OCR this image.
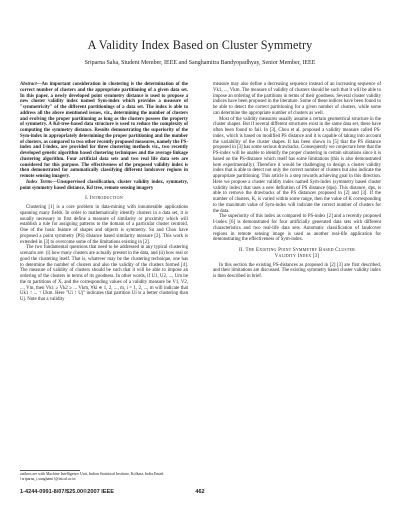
A Validity Index Based on Cluster Symmetry
Sriparna Saha, Student Member, IEEE and Sanghamitra Bandyopadhyay, Senior Member, IEEE

Abstract—An important consideration in clustering is the determination of the correct number of clusters and the appropriate partitioning of a given data set. In this paper, a newly developed point symmetry distance is used to propose a new cluster validity index named Sym-index which provides a measure of "symmetricity" of the different partitionings of a data set. The index is able to address all the above mentioned issues, viz., determining the number of clusters and evolving the proper partitioning as long as the clusters possess the property of symmetry. A Kd-tree-based data structure is used to reduce the complexity of computing the symmetry distance. Results demonstrating the superiority of the Sym-index in appropriately determining the proper partitioning and the number of clusters, as compared to two other recently proposed measures, namely the PS-index and I-index, are provided for three clustering methods viz., two recently developed genetic algorithm based clustering techniques and the average linkage clustering algorithm. Four artificial data sets and two real life data sets are considered for this purpose. The effectiveness of the proposed validity index is then demonstrated for automatically classifying different landcover regions in remote sensing imagery.

Index Terms—Unsupervised classification, cluster validity index, symmetry, point symmetry based distance, Kd tree, remote sensing imagery

I. Introduction

Clustering [1] is a core problem in data-mining with innumerable applications spanning many fields. In order to mathematically identify clusters in a data set, it is usually necessary to first define a measure of similarity or proximity which will establish a rule for assigning patterns to the domain of a particular cluster centroid. One of the basic feature of shapes and objects is symmetry. Su and Chou have proposed a point symmetry (PS) distance based similarity measure [2]. This work is extended in [3] to overcome some of the limitations existing in [2].

The two fundamental questions that need to be addressed in any typical clustering scenario are: (i) how many clusters are actually present in the data, and (ii) how real or good the clustering itself. That is, whatever may be the clustering technique, one has to determine the number of clusters and also the validity of the clusters formed [4]. The measure of validity of clusters should be such that it will be able to impose an ordering of the clusters in terms of its goodness. In other words, if U1, U2, ..., Um be the m partitions of X, and the corresponding values of a validity measure be V1, V2, ..., Vm, then Vk1 ≥ Vk2 ≥ ... Vkm, ∀ki ∈ 1, 2, ..., m, i = 1, 2, ..., m will indicate that Uk1 ↑ ... ↑ Ukm. Here "Ui ↑ Uj" indicates that partition Ui is a better clustering than Uj. Note that a validity

measure may also define a decreasing sequence instead of an increasing sequence of Vk1, ..., Vkm. The measure of validity of clusters should be such that it will be able to impose an ordering of the partitions in terms of their goodness. Several cluster validity indices have been proposed in the literature. Some of these indices have been found to be able to detect the correct partitioning for a given number of clusters, while some can determine the appropriate number of clusters as well.

Most of the validity measures usually assume a certain geometrical structure in the cluster shapes. But if several different structures exist in the same data set, these have often been found to fail. In [3], Chou et al. proposed a validity measure called PS-index, which is based on modified PS distance and it is capable of taking into account the variability of the cluster shapes. It has been shown in [5] that the PS distance proposed in [3] has some serious drawbacks. Consequently we conjecture here that the PS-index will be unable to identify the proper clustering in certain situations since it is based on the PS-distance which itself has some limitations (this is also demonstrated here experimentally). Therefore it would be challenging to design a cluster validity index that is able to detect not only the correct number of clusters but also indicate the appropriate partitioning. This article is a step towards achieving goal in this direction. Here we propose a cluster validity index named Sym-index (symmetry based cluster validity index) that uses a new definition of PS distance (dps). This distance, dps, is able to remove the drawbacks of the PS distances proposed in [2] and [3]. If the number of clusters, K, is varied within some range, then the value of K corresponding to the maximum value of Sym-index will indicate the correct number of clusters for the data.

The superiority of this index as compared to PS-index [2] and a recently proposed I-index [6] is demonstrated for four artificially generated data sets with different characteristics and two real-life data sets. Automatic classification of landcover regions in remote sensing image is used as another real-life application for demonstrating the effectiveness of Sym-index.

II. The Existing Point Symmetry Based Cluster
Validity Index [3]

In this section the existing PS-distances as proposed in [2] [3] are first described, and their limitations are discussed. The existing symmetry based cluster validity index is then described in brief.

authors are with Machine Intelligence Unit, Indian Statistical Institute, Kolkata, India,Email:{sriparna_r,sanghami}@isical.ac.in
1-4244-0991-8/07/$25.00©2007 IEEE	462
